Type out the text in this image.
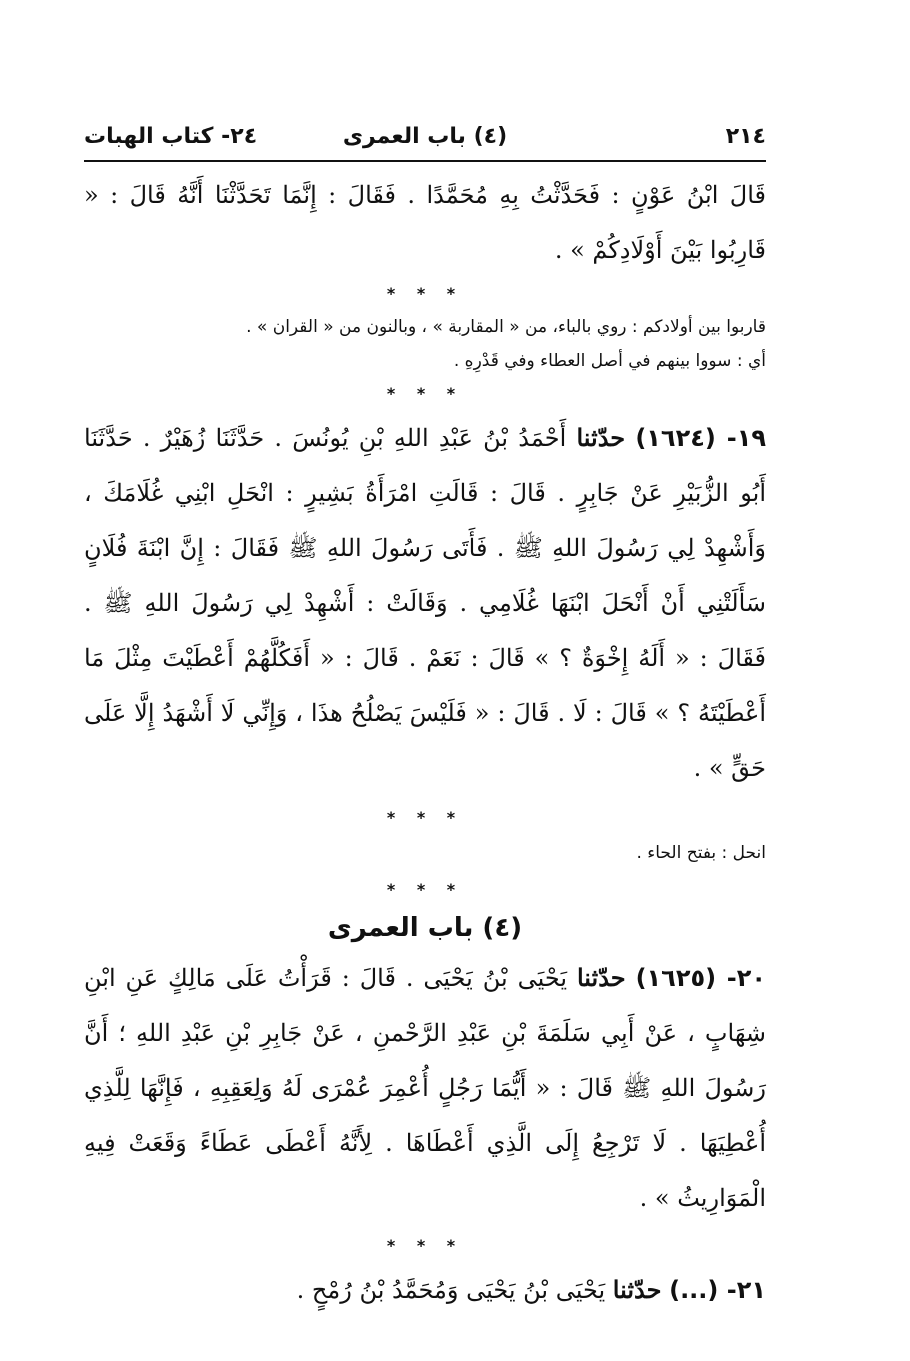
٢١٤
(٤) باب العمرى
٢٤- كتاب الهبات

قَالَ ابْنُ عَوْنٍ : فَحَدَّثْتُ بِهِ مُحَمَّدًا . فَقَالَ : إِنَّمَا تَحَدَّثْنَا أَنَّهُ قَالَ : « قَارِبُوا بَيْنَ أَوْلَادِكُمْ » .

* * *
قاربوا بين أولادكم : روي بالباء، من « المقاربة » ، وبالنون من « القران » .
أي : سووا بينهم في أصل العطاء وفي قَدْرِهِ .
* * *

١٩- (١٦٢٤) حدّثنا أَحْمَدُ بْنُ عَبْدِ اللهِ بْنِ يُونُسَ . حَدَّثَنَا زُهَيْرٌ . حَدَّثَنَا أَبُو الزُّبَيْرِ عَنْ جَابِرٍ . قَالَ : قَالَتِ امْرَأَةُ بَشِيرٍ : انْحَلِ ابْنِي غُلَامَكَ ، وَأَشْهِدْ لِي رَسُولَ اللهِ ﷺ . فَأَتَى رَسُولَ اللهِ ﷺ فَقَالَ : إِنَّ ابْنَةَ فُلَانٍ سَأَلَتْنِي أَنْ أَنْحَلَ ابْنَهَا غُلَامِي . وَقَالَتْ : أَشْهِدْ لِي رَسُولَ اللهِ ﷺ . فَقَالَ : « أَلَهُ إِخْوَةٌ ؟ » قَالَ : نَعَمْ . قَالَ : « أَفَكُلَّهُمْ أَعْطَيْتَ مِثْلَ مَا أَعْطَيْتَهُ ؟ » قَالَ : لَا . قَالَ : « فَلَيْسَ يَصْلُحُ هذَا ، وَإِنِّي لَا أَشْهَدُ إِلَّا عَلَى حَقٍّ » .

* * *
انحل : بفتح الحاء .
* * *

(٤) باب العمرى

٢٠- (١٦٢٥) حدّثنا يَحْيَى بْنُ يَحْيَى . قَالَ : قَرَأْتُ عَلَى مَالِكٍ عَنِ ابْنِ شِهَابٍ ، عَنْ أَبِي سَلَمَةَ بْنِ عَبْدِ الرَّحْمنِ ، عَنْ جَابِرِ بْنِ عَبْدِ اللهِ ؛ أَنَّ رَسُولَ اللهِ ﷺ قَالَ : « أَيُّمَا رَجُلٍ أُعْمِرَ عُمْرَى لَهُ وَلِعَقِبِهِ ، فَإِنَّهَا لِلَّذِي أُعْطِيَهَا . لَا تَرْجِعُ إِلَى الَّذِي أَعْطَاهَا . لِأَنَّهُ أَعْطَى عَطَاءً وَقَعَتْ فِيهِ الْمَوَارِيثُ » .

* * *

٢١- (...) حدّثنا يَحْيَى بْنُ يَحْيَى وَمُحَمَّدُ بْنُ رُمْحٍ .
